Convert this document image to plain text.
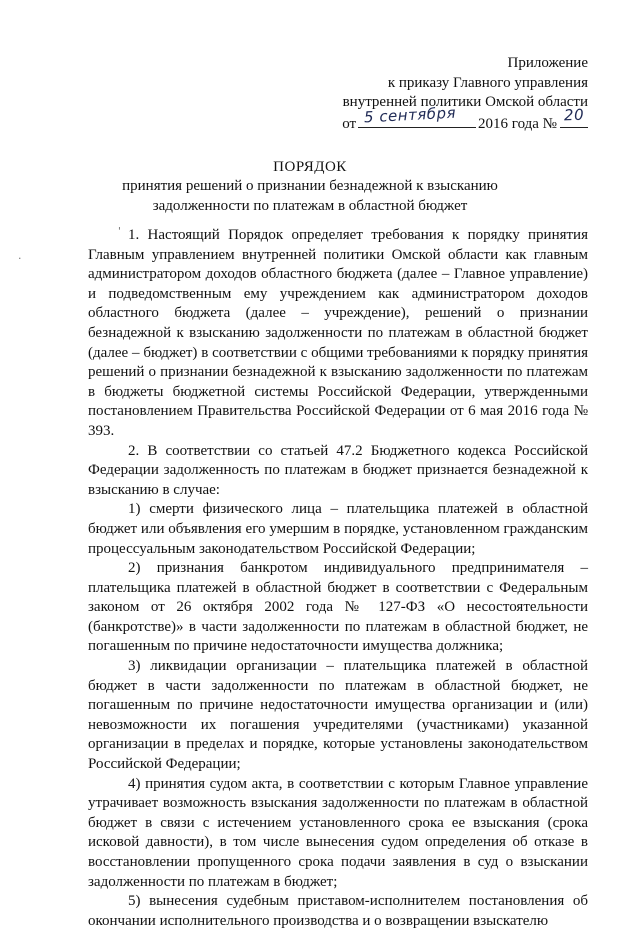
Приложение
к приказу Главного управления
внутренней политики Омской области
от 5 сентября 2016 года № 20
ПОРЯДОК
принятия решений о признании безнадежной к взысканию
задолженности по платежам в областной бюджет
'
·

1. Настоящий Порядок определяет требования к порядку принятия Главным управлением внутренней политики Омской области как главным администратором доходов областного бюджета (далее – Главное управление) и подведомственным ему учреждением как администратором доходов областного бюджета (далее – учреждение), решений о признании безнадежной к взысканию задолженности по платежам в областной бюджет (далее – бюджет) в соответствии с общими требованиями к порядку принятия решений о признании безнадежной к взысканию задолженности по платежам в бюджеты бюджетной системы Российской Федерации, утвержденными постановлением Правительства Российской Федерации от 6 мая 2016 года № 393.

2. В соответствии со статьей 47.2 Бюджетного кодекса Российской Федерации задолженность по платежам в бюджет признается безнадежной к взысканию в случае:

1) смерти физического лица – плательщика платежей в областной бюджет или объявления его умершим в порядке, установленном гражданским процессуальным законодательством Российской Федерации;

2) признания банкротом индивидуального предпринимателя – плательщика платежей в областной бюджет в соответствии с Федеральным законом от 26 октября 2002 года № 127-ФЗ «О несостоятельности (банкротстве)» в части задолженности по платежам в областной бюджет, не погашенным по причине недостаточности имущества должника;

3) ликвидации организации – плательщика платежей в областной бюджет в части задолженности по платежам в областной бюджет, не погашенным по причине недостаточности имущества организации и (или) невозможности их погашения учредителями (участниками) указанной организации в пределах и порядке, которые установлены законодательством Российской Федерации;

4) принятия судом акта, в соответствии с которым Главное управление утрачивает возможность взыскания задолженности по платежам в областной бюджет в связи с истечением установленного срока ее взыскания (срока исковой давности), в том числе вынесения судом определения об отказе в восстановлении пропущенного срока подачи заявления в суд о взыскании задолженности по платежам в бюджет;

5) вынесения судебным приставом-исполнителем постановления об окончании исполнительного производства и о возвращении взыскателю
